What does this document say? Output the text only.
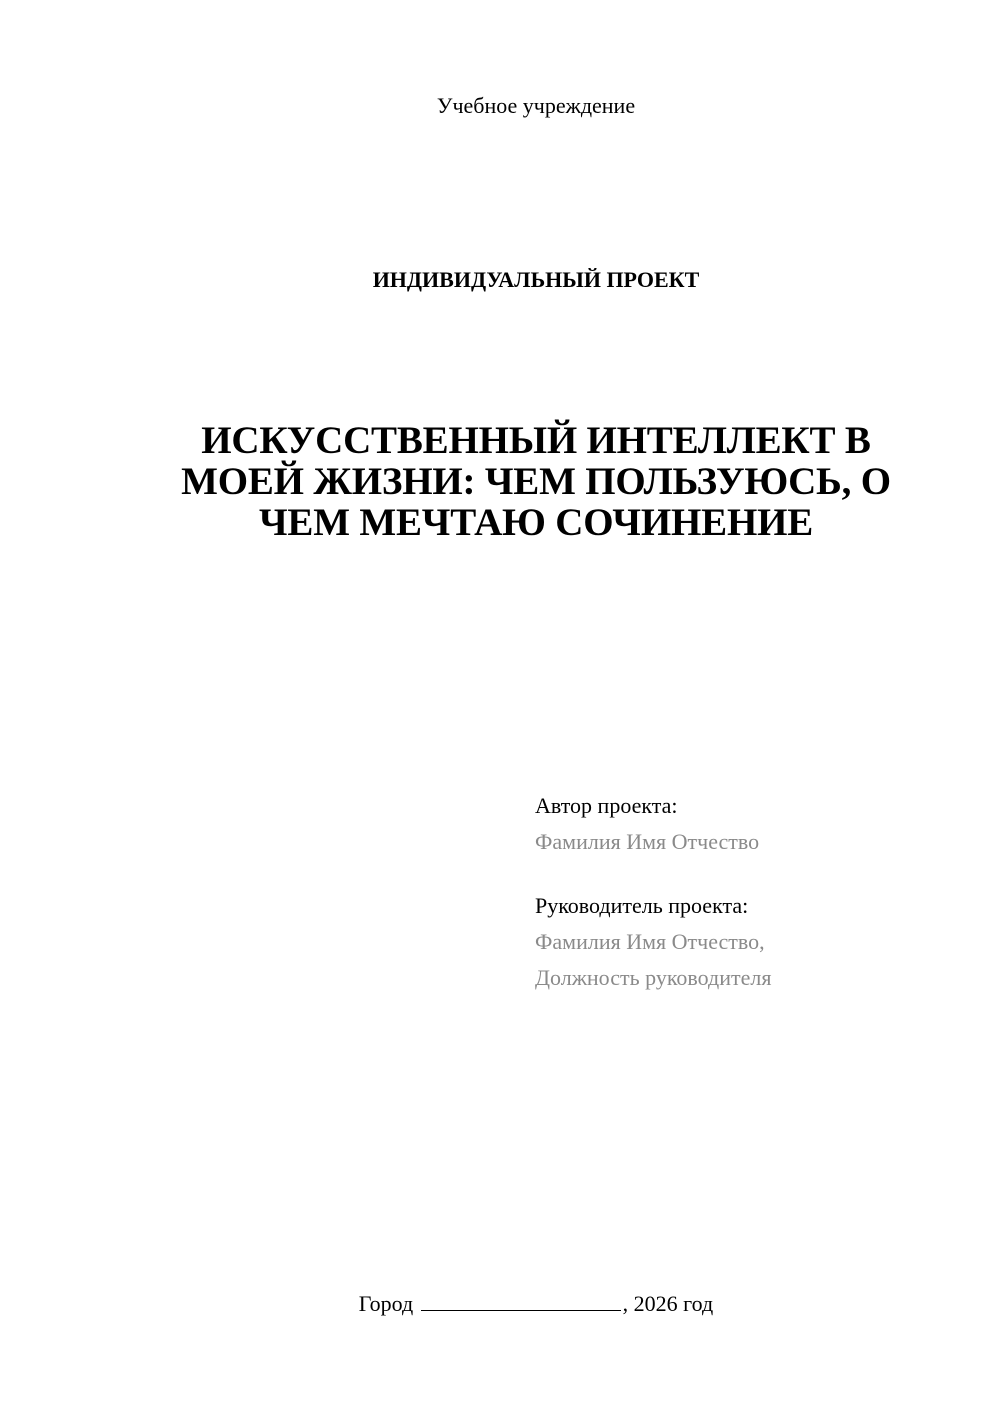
Учебное учреждение
ИНДИВИДУАЛЬНЫЙ ПРОЕКТ
ИСКУССТВЕННЫЙ ИНТЕЛЛЕКТ В
МОЕЙ ЖИЗНИ: ЧЕМ ПОЛЬЗУЮСЬ, О
ЧЕМ МЕЧТАЮ СОЧИНЕНИЕ
Автор проекта:
Фамилия Имя Отчество
Руководитель проекта:
Фамилия Имя Отчество,
Должность руководителя
Город	, 2026 год
